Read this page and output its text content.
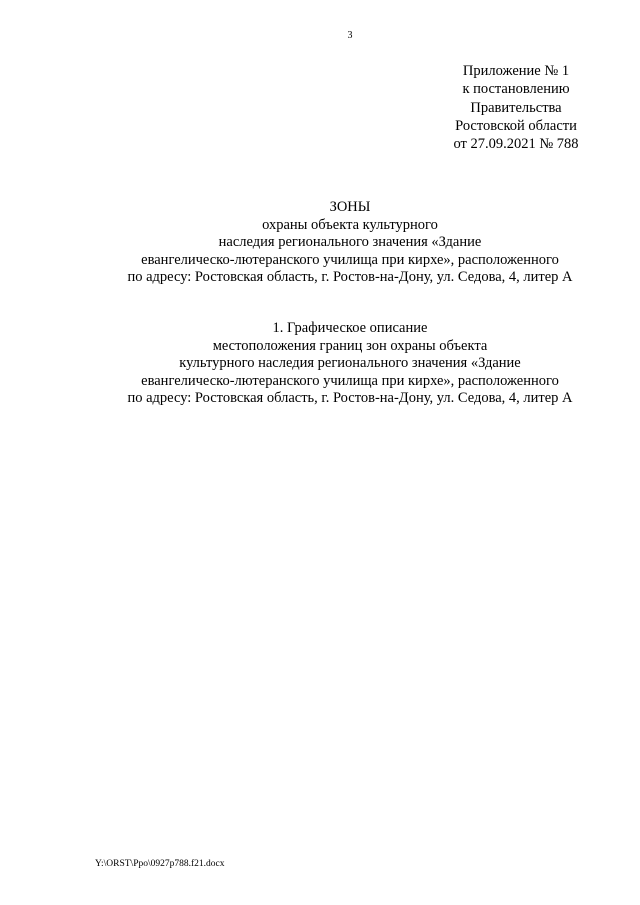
3
Приложение № 1
к постановлению
Правительства
Ростовской области
от 27.09.2021 № 788
ЗОНЫ
охраны объекта культурного
наследия регионального значения «Здание
евангелическо-лютеранского училища при кирхе», расположенного
по адресу: Ростовская область, г. Ростов-на-Дону, ул. Седова, 4, литер А
1. Графическое описание
местоположения границ зон охраны объекта
культурного наследия регионального значения «Здание
евангелическо-лютеранского училища при кирхе», расположенного
по адресу: Ростовская область, г. Ростов-на-Дону, ул. Седова, 4, литер А
Y:\ORST\Ppo\0927p788.f21.docx
